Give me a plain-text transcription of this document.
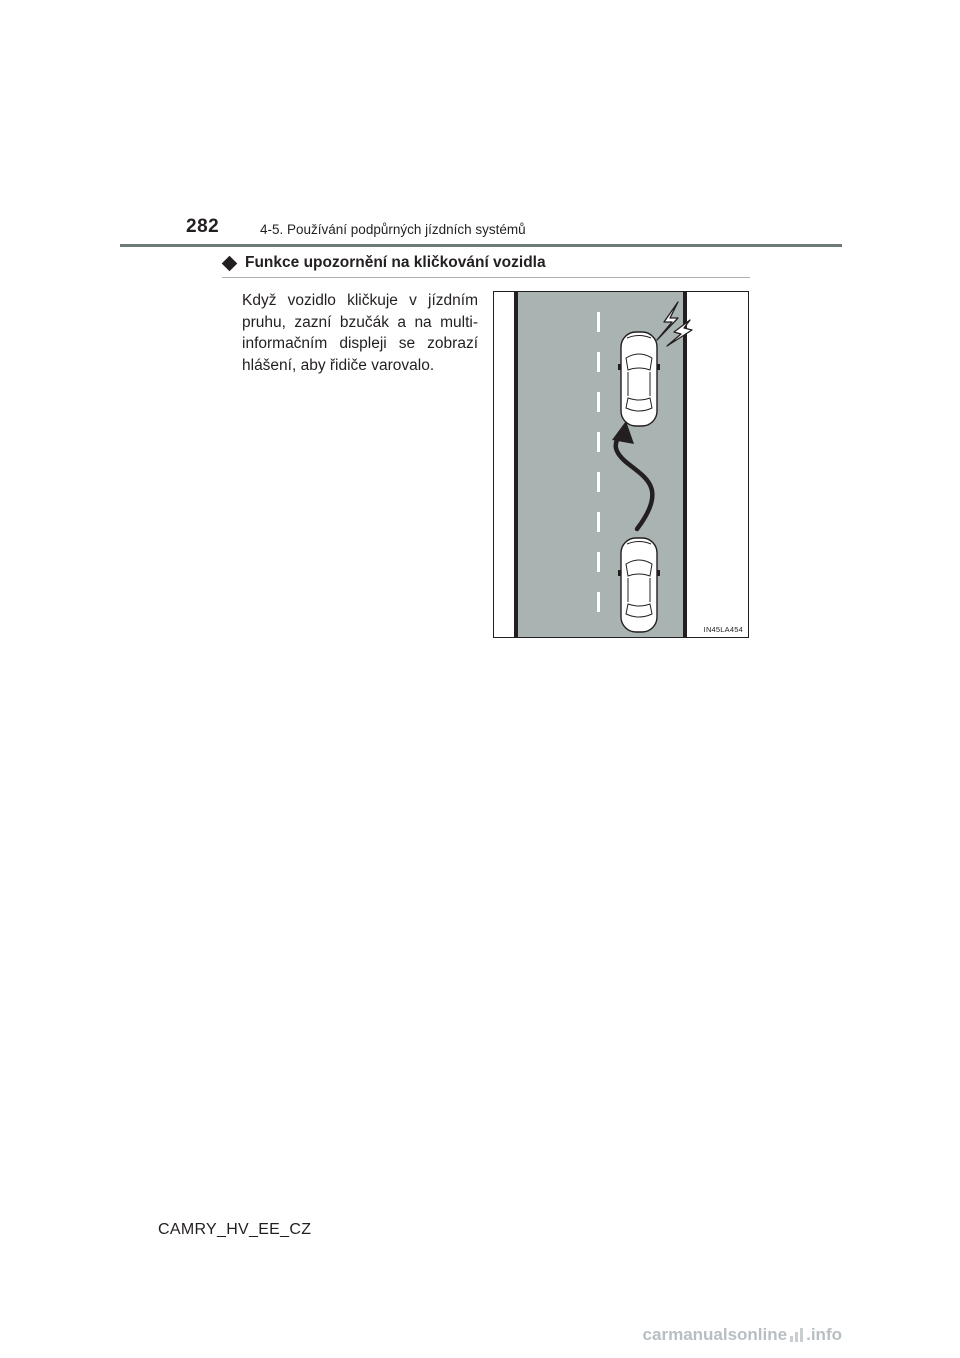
282	4-5. Používání podpůrných jízdních systémů
Funkce upozornění na kličkování vozidla
Když vozidlo kličkuje v jízdním pruhu, zazní bzučák a na multi-informačním displeji se zobrazí hlášení, aby řidiče varovalo.
IN45LA454
CAMRY_HV_EE_CZ
carmanualsonline .info
